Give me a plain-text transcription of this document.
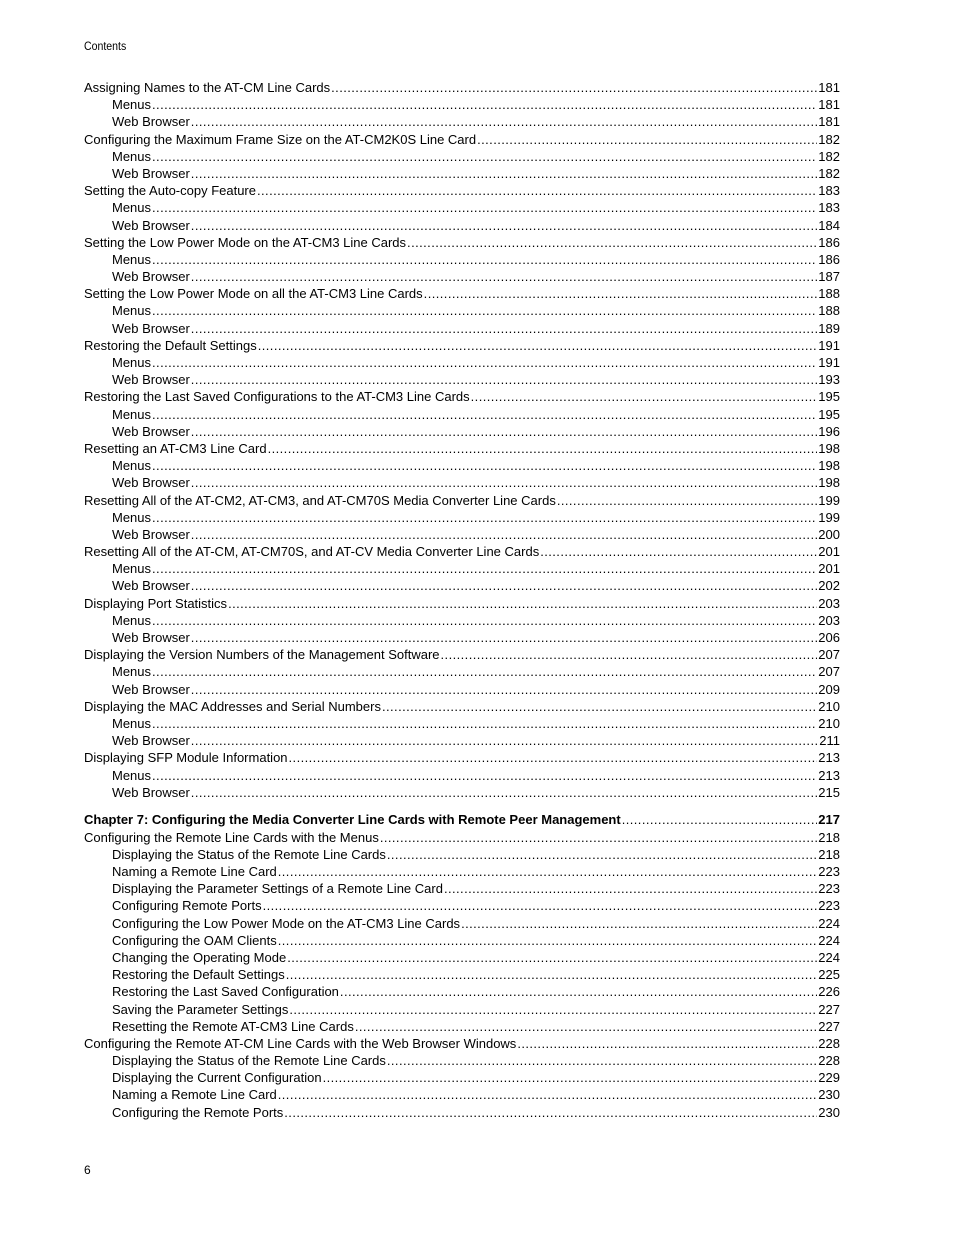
Contents
Assigning Names to the AT-CM Line Cards . . .	181
Menus . . .	181
Web Browser . . .	181
Configuring the Maximum Frame Size on the AT-CM2K0S Line Card . . .	182
Menus . . .	182
Web Browser . . .	182
Setting the Auto-copy Feature . . .	183
Menus . . .	183
Web Browser . . .	184
Setting the Low Power Mode on the AT-CM3 Line Cards . . .	186
Menus . . .	186
Web Browser . . .	187
Setting the Low Power Mode on all the AT-CM3 Line Cards . . .	188
Menus . . .	188
Web Browser . . .	189
Restoring the Default Settings . . .	191
Menus . . .	191
Web Browser . . .	193
Restoring the Last Saved Configurations to the AT-CM3 Line Cards . . .	195
Menus . . .	195
Web Browser . . .	196
Resetting an AT-CM3 Line Card . . .	198
Menus . . .	198
Web Browser . . .	198
Resetting All of the AT-CM2, AT-CM3, and AT-CM70S Media Converter Line Cards . . .	199
Menus . . .	199
Web Browser . . .	200
Resetting All of the AT-CM, AT-CM70S, and AT-CV Media Converter Line Cards . . .	201
Menus . . .	201
Web Browser . . .	202
Displaying Port Statistics . . .	203
Menus . . .	203
Web Browser . . .	206
Displaying the Version Numbers of the Management Software . . .	207
Menus . . .	207
Web Browser . . .	209
Displaying the MAC Addresses and Serial Numbers . . .	210
Menus . . .	210
Web Browser . . .	211
Displaying SFP Module Information . . .	213
Menus . . .	213
Web Browser . . .	215
Chapter 7: Configuring the Media Converter Line Cards with Remote Peer Management . . .	217
Configuring the Remote Line Cards with the Menus . . .	218
Displaying the Status of the Remote Line Cards . . .	218
Naming a Remote Line Card . . .	223
Displaying the Parameter Settings of a Remote Line Card . . .	223
Configuring Remote Ports . . .	223
Configuring the Low Power Mode on the AT-CM3 Line Cards . . .	224
Configuring the OAM Clients . . .	224
Changing the Operating Mode . . .	224
Restoring the Default Settings . . .	225
Restoring the Last Saved Configuration . . .	226
Saving the Parameter Settings . . .	227
Resetting the Remote AT-CM3 Line Cards . . .	227
Configuring the Remote AT-CM Line Cards with the Web Browser Windows . . .	228
Displaying the Status of the Remote Line Cards . . .	228
Displaying the Current Configuration . . .	229
Naming a Remote Line Card . . .	230
Configuring the Remote Ports . . .	230
6
